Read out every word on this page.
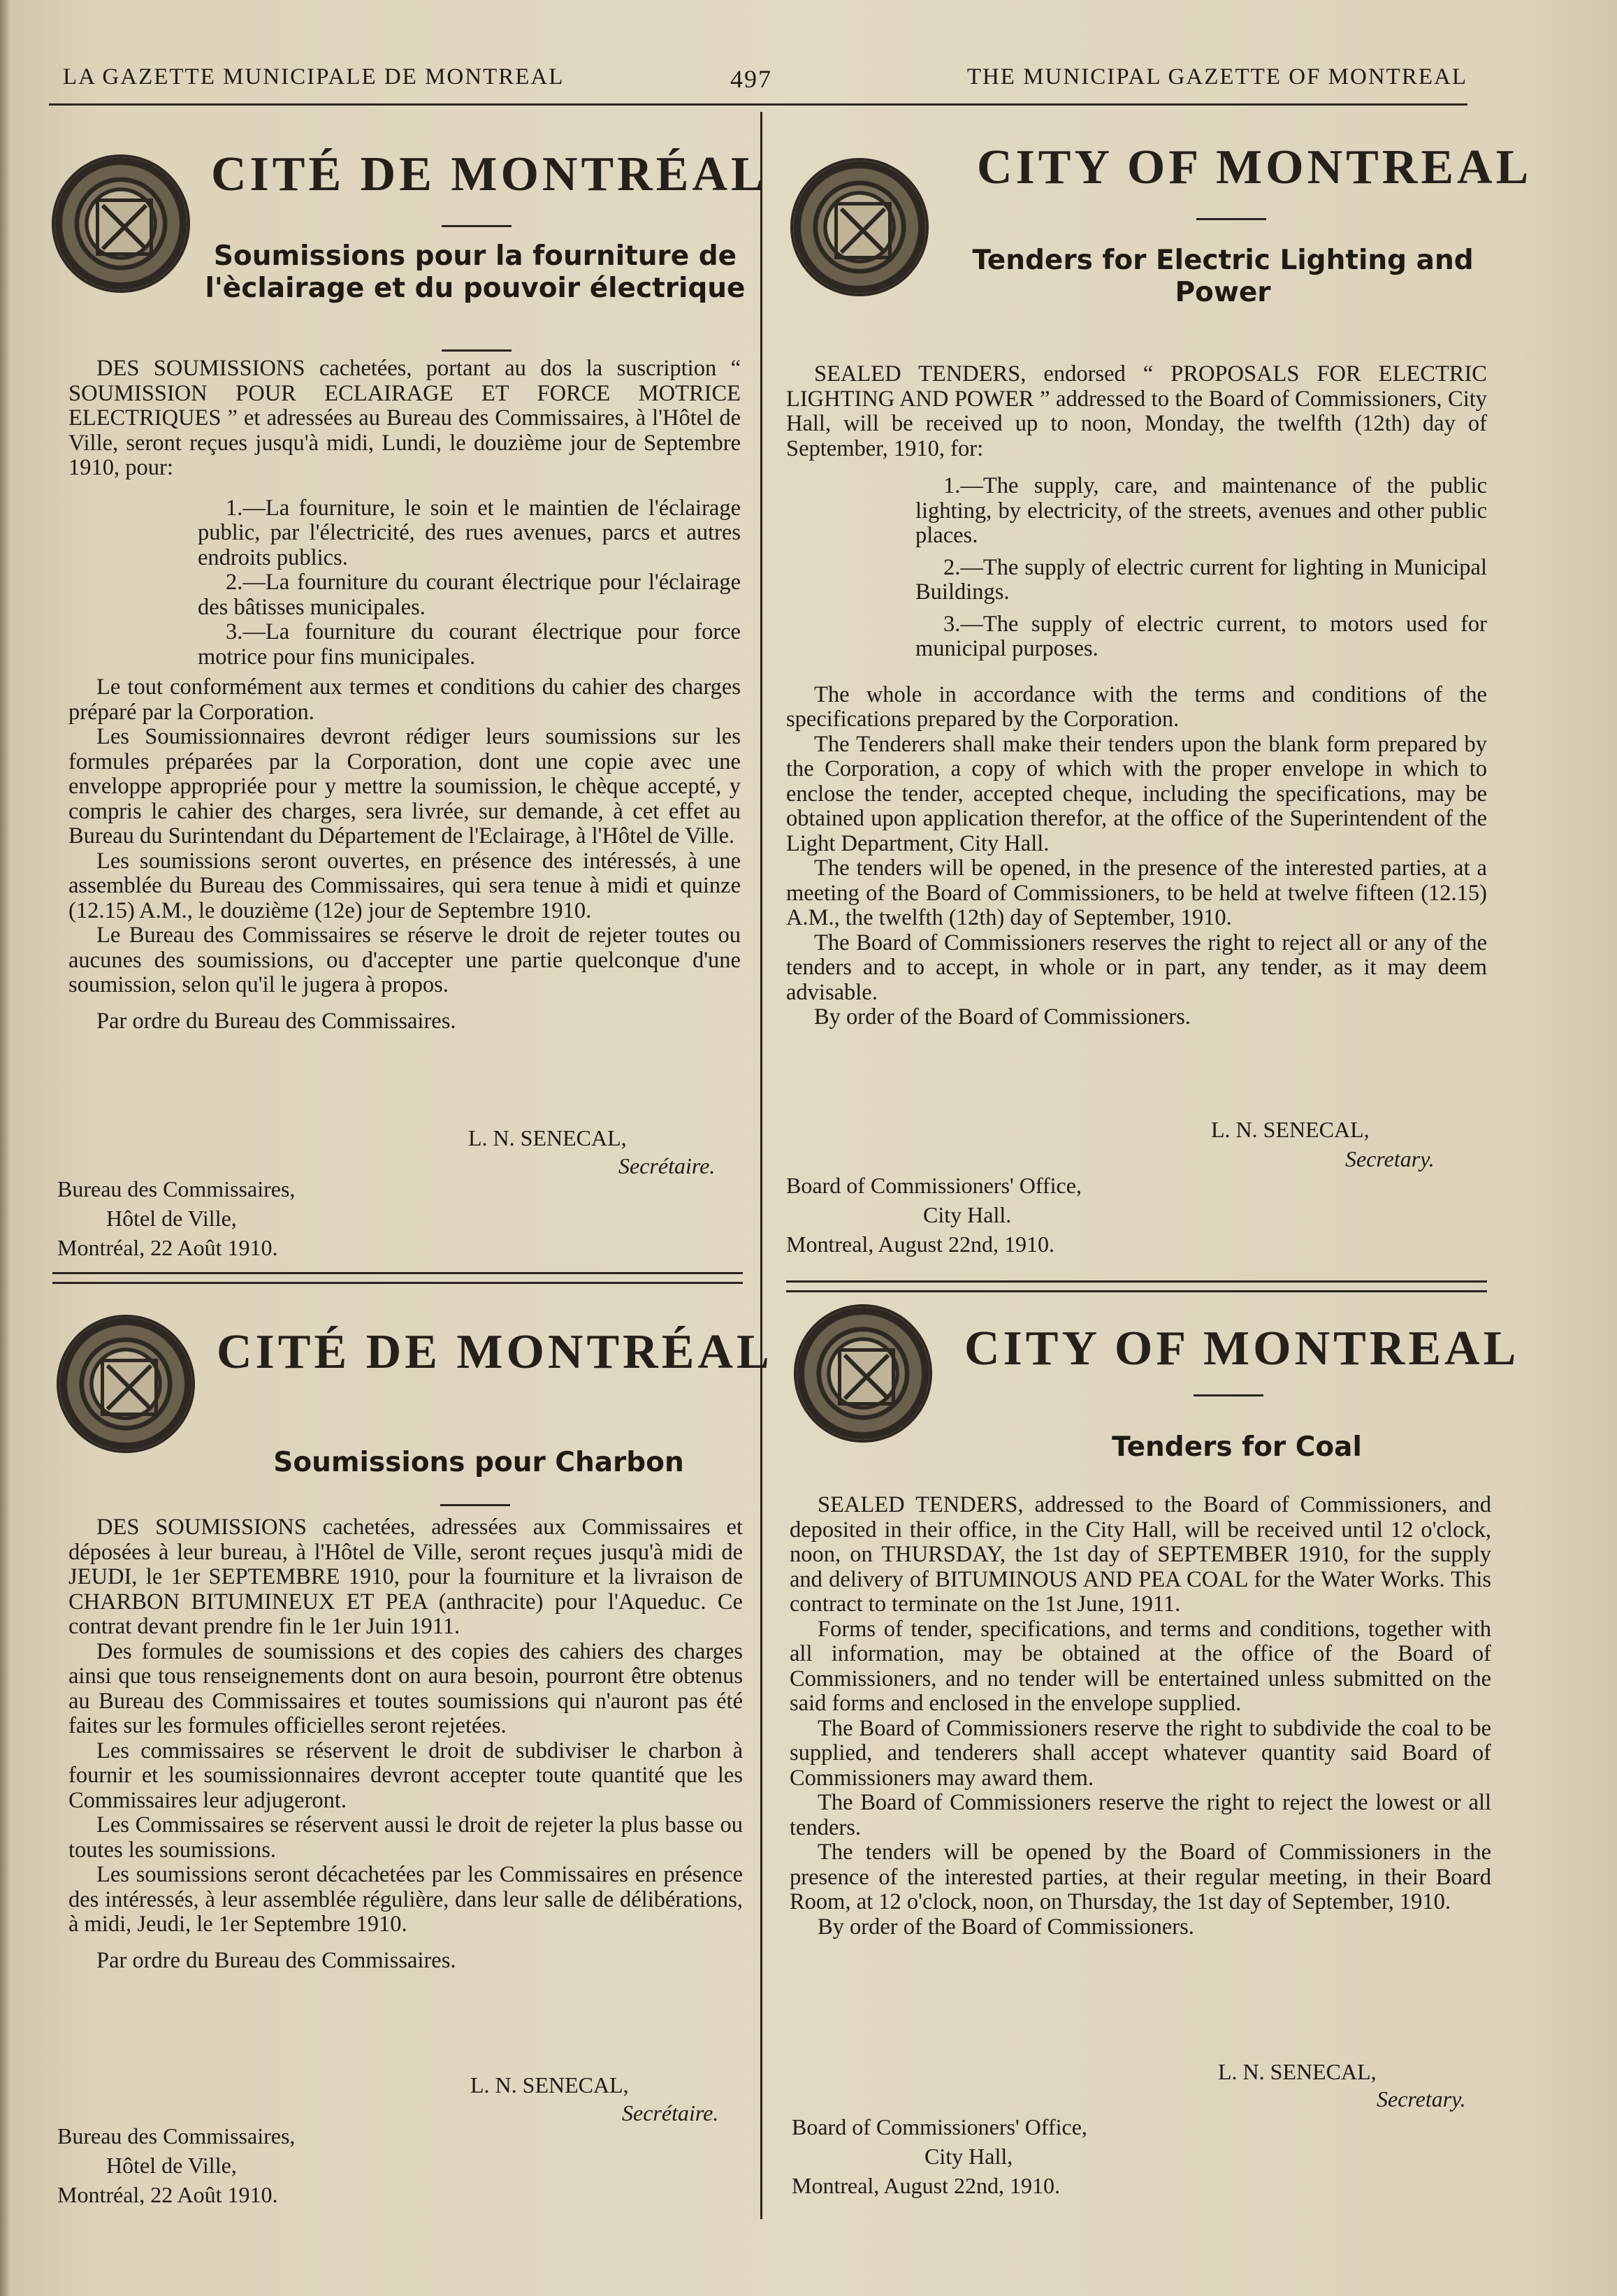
LA GAZETTE MUNICIPALE DE MONTREAL	497	THE MUNICIPAL GAZETTE OF MONTREAL
CITÉ DE MONTRÉAL
Soumissions pour la fourniture de l'èclairage et du pouvoir électrique

DES SOUMISSIONS cachetées, portant au dos la suscription “ SOUMISSION POUR ECLAIRAGE ET FORCE MOTRICE ELECTRIQUES ” et adressées au Bureau des Commissaires, à l'Hôtel de Ville, seront reçues jusqu'à midi, Lundi, le douzième jour de Septembre 1910, pour:

1.—La fourniture, le soin et le maintien de l'éclairage public, par l'électricité, des rues avenues, parcs et autres endroits publics.

2.—La fourniture du courant électrique pour l'éclairage des bâtisses municipales.

3.—La fourniture du courant électrique pour force motrice pour fins municipales.

Le tout conformément aux termes et conditions du cahier des charges préparé par la Corporation.

Les Soumissionnaires devront rédiger leurs soumissions sur les formules préparées par la Corporation, dont une copie avec une enveloppe appropriée pour y mettre la soumission, le chèque accepté, y compris le cahier des charges, sera livrée, sur demande, à cet effet au Bureau du Surintendant du Département de l'Eclairage, à l'Hôtel de Ville.

Les soumissions seront ouvertes, en présence des intéressés, à une assemblée du Bureau des Commissaires, qui sera tenue à midi et quinze (12.15) A.M., le douzième (12e) jour de Septembre 1910.

Le Bureau des Commissaires se réserve le droit de rejeter toutes ou aucunes des soumissions, ou d'accepter une partie quelconque d'une soumission, selon qu'il le jugera à propos.

Par ordre du Bureau des Commissaires.

L. N. SENECAL,
Secrétaire.
Bureau des Commissaires,
Hôtel de Ville,
Montréal, 22 Août 1910.
CITY OF MONTREAL
Tenders for Electric Lighting and Power

SEALED TENDERS, endorsed “ PROPOSALS FOR ELECTRIC LIGHTING AND POWER ” addressed to the Board of Commissioners, City Hall, will be received up to noon, Monday, the twelfth (12th) day of September, 1910, for:

1.—The supply, care, and maintenance of the public lighting, by electricity, of the streets, avenues and other public places.

2.—The supply of electric current for lighting in Municipal Buildings.

3.—The supply of electric current, to motors used for municipal purposes.

The whole in accordance with the terms and conditions of the specifications prepared by the Corporation.

The Tenderers shall make their tenders upon the blank form prepared by the Corporation, a copy of which with the proper envelope in which to enclose the tender, accepted cheque, including the specifications, may be obtained upon application therefor, at the office of the Superintendent of the Light Department, City Hall.

The tenders will be opened, in the presence of the interested parties, at a meeting of the Board of Commissioners, to be held at twelve fifteen (12.15) A.M., the twelfth (12th) day of September, 1910.

The Board of Commissioners reserves the right to reject all or any of the tenders and to accept, in whole or in part, any tender, as it may deem advisable.

By order of the Board of Commissioners.

L. N. SENECAL,
Secretary.
Board of Commissioners' Office,
City Hall.
Montreal, August 22nd, 1910.
CITÉ DE MONTRÉAL
Soumissions pour Charbon

DES SOUMISSIONS cachetées, adressées aux Commissaires et déposées à leur bureau, à l'Hôtel de Ville, seront reçues jusqu'à midi de JEUDI, le 1er SEPTEMBRE 1910, pour la fourniture et la livraison de CHARBON BITUMINEUX ET PEA (anthracite) pour l'Aqueduc. Ce contrat devant prendre fin le 1er Juin 1911.

Des formules de soumissions et des copies des cahiers des charges ainsi que tous renseignements dont on aura besoin, pourront être obtenus au Bureau des Commissaires et toutes soumissions qui n'auront pas été faites sur les formules officielles seront rejetées.

Les commissaires se réservent le droit de subdiviser le charbon à fournir et les soumissionnaires devront accepter toute quantité que les Commissaires leur adjugeront.

Les Commissaires se réservent aussi le droit de rejeter la plus basse ou toutes les soumissions.

Les soumissions seront décachetées par les Commissaires en présence des intéressés, à leur assemblée régulière, dans leur salle de délibérations, à midi, Jeudi, le 1er Septembre 1910.

Par ordre du Bureau des Commissaires.

L. N. SENECAL,
Secrétaire.
Bureau des Commissaires,
Hôtel de Ville,
Montréal, 22 Août 1910.
CITY OF MONTREAL
Tenders for Coal

SEALED TENDERS, addressed to the Board of Commissioners, and deposited in their office, in the City Hall, will be received until 12 o'clock, noon, on THURSDAY, the 1st day of SEPTEMBER 1910, for the supply and delivery of BITUMINOUS AND PEA COAL for the Water Works. This contract to terminate on the 1st June, 1911.

Forms of tender, specifications, and terms and conditions, together with all information, may be obtained at the office of the Board of Commissioners, and no tender will be entertained unless submitted on the said forms and enclosed in the envelope supplied.

The Board of Commissioners reserve the right to subdivide the coal to be supplied, and tenderers shall accept whatever quantity said Board of Commissioners may award them.

The Board of Commissioners reserve the right to reject the lowest or all tenders.

The tenders will be opened by the Board of Commissioners in the presence of the interested parties, at their regular meeting, in their Board Room, at 12 o'clock, noon, on Thursday, the 1st day of September, 1910.

By order of the Board of Commissioners.

L. N. SENECAL,
Secretary.
Board of Commissioners' Office,
City Hall,
Montreal, August 22nd, 1910.
